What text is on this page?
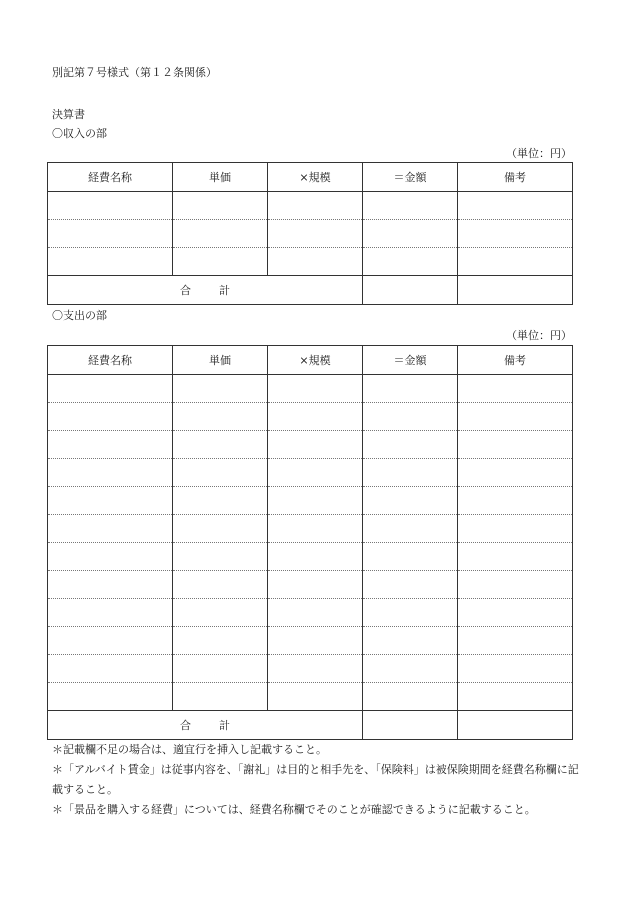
別記第７号様式（第１２条関係）
決算書
〇収入の部
（単位：円）
経費名称	単価	×規模	＝金額	備考

合 計				
〇支出の部
（単位：円）
経費名称	単価	×規模	＝金額	備考

合 計				

＊記載欄不足の場合は、適宜行を挿入し記載すること。

＊「アルバイト賃金」は従事内容を、「謝礼」は目的と相手先を、「保険料」は被保険期間を経費名称欄に記載すること。

＊「景品を購入する経費」については、経費名称欄でそのことが確認できるように記載すること。
